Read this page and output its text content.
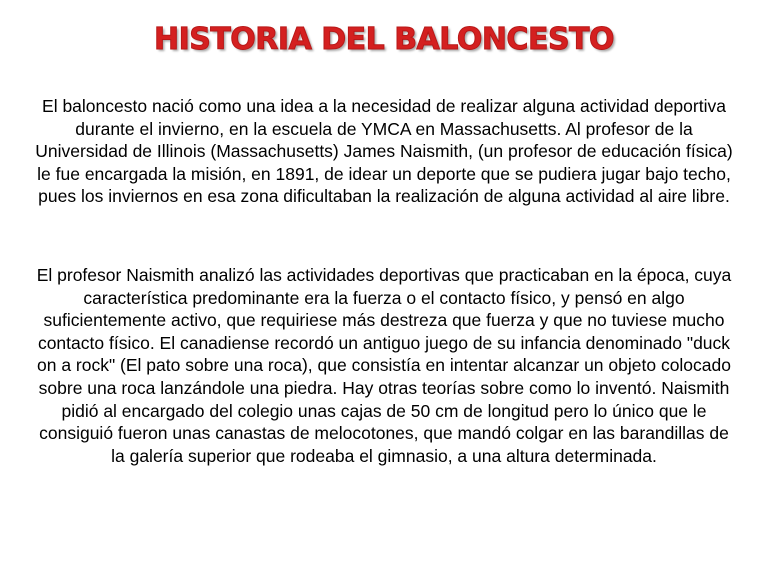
HISTORIA DEL BALONCESTO

El baloncesto nació como una idea a la necesidad de realizar alguna actividad deportiva durante el invierno, en la escuela de YMCA en Massachusetts. Al profesor de la Universidad de Illinois (Massachusetts) James Naismith, (un profesor de educación física) le fue encargada la misión, en 1891, de idear un deporte que se pudiera jugar bajo techo, pues los inviernos en esa zona dificultaban la realización de alguna actividad al aire libre.

El profesor Naismith analizó las actividades deportivas que practicaban en la época, cuya característica predominante era la fuerza o el contacto físico, y pensó en algo suficientemente activo, que requiriese más destreza que fuerza y que no tuviese mucho contacto físico. El canadiense recordó un antiguo juego de su infancia denominado "duck on a rock" (El pato sobre una roca), que consistía en intentar alcanzar un objeto colocado sobre una roca lanzándole una piedra. Hay otras teorías sobre como lo inventó. Naismith pidió al encargado del colegio unas cajas de 50 cm de longitud pero lo único que le consiguió fueron unas canastas de melocotones, que mandó colgar en las barandillas de la galería superior que rodeaba el gimnasio, a una altura determinada.
